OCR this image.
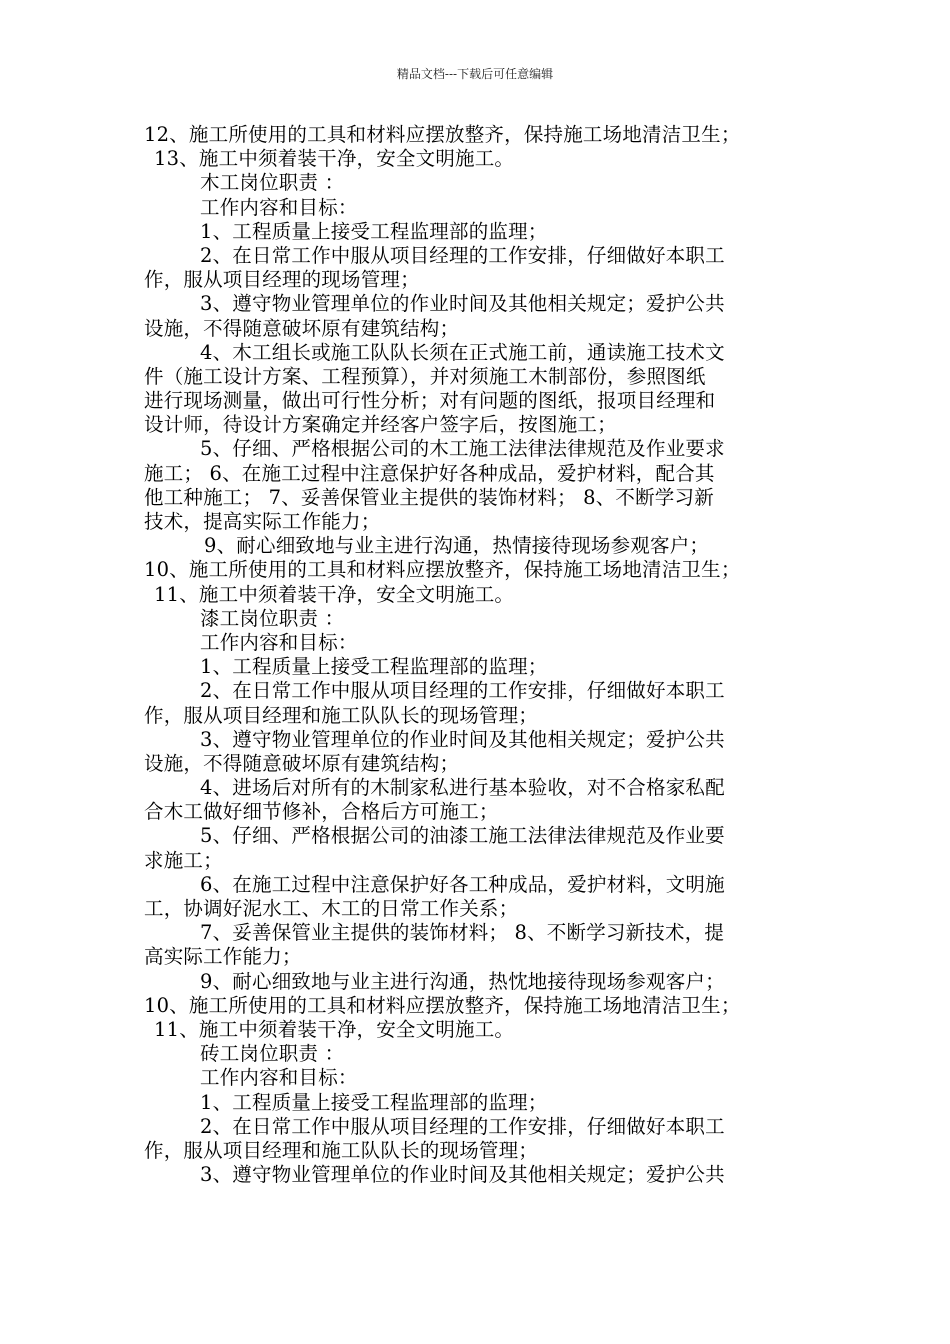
精品文档---下载后可任意编辑
12、施工所使用的工具和材料应摆放整齐，保持施工场地清洁卫生；
13、施工中须着装干净，安全文明施工。
木工岗位职责 ：
工作内容和目标：
1、工程质量上接受工程监理部的监理；
2、在日常工作中服从项目经理的工作安排，仔细做好本职工
作，服从项目经理的现场管理；
3、遵守物业管理单位的作业时间及其他相关规定；爱护公共
设施，不得随意破坏原有建筑结构；
4、木工组长或施工队队长须在正式施工前，通读施工技术文
件（施工设计方案、工程预算），并对须施工木制部份，参照图纸
进行现场测量，做出可行性分析；对有问题的图纸，报项目经理和
设计师，待设计方案确定并经客户签字后，按图施工；
5、仔细、严格根据公司的木工施工法律法律规范及作业要求
施工； 6、在施工过程中注意保护好各种成品，爱护材料，配合其
他工种施工； 7、妥善保管业主提供的装饰材料； 8、不断学习新
技术，提高实际工作能力；
9、耐心细致地与业主进行沟通，热情接待现场参观客户；
10、施工所使用的工具和材料应摆放整齐，保持施工场地清洁卫生；
11、施工中须着装干净，安全文明施工。
漆工岗位职责 ：
工作内容和目标：
1、工程质量上接受工程监理部的监理；
2、在日常工作中服从项目经理的工作安排，仔细做好本职工
作，服从项目经理和施工队队长的现场管理；
3、遵守物业管理单位的作业时间及其他相关规定；爱护公共
设施，不得随意破坏原有建筑结构；
4、进场后对所有的木制家私进行基本验收，对不合格家私配
合木工做好细节修补，合格后方可施工；
5、仔细、严格根据公司的油漆工施工法律法律规范及作业要
求施工；
6、在施工过程中注意保护好各工种成品，爱护材料，文明施
工，协调好泥水工、木工的日常工作关系；
7、妥善保管业主提供的装饰材料； 8、不断学习新技术，提
高实际工作能力；
9、耐心细致地与业主进行沟通，热忱地接待现场参观客户；
10、施工所使用的工具和材料应摆放整齐，保持施工场地清洁卫生；
11、施工中须着装干净，安全文明施工。
砖工岗位职责 ：
工作内容和目标：
1、工程质量上接受工程监理部的监理；
2、在日常工作中服从项目经理的工作安排，仔细做好本职工
作，服从项目经理和施工队队长的现场管理；
3、遵守物业管理单位的作业时间及其他相关规定；爱护公共
